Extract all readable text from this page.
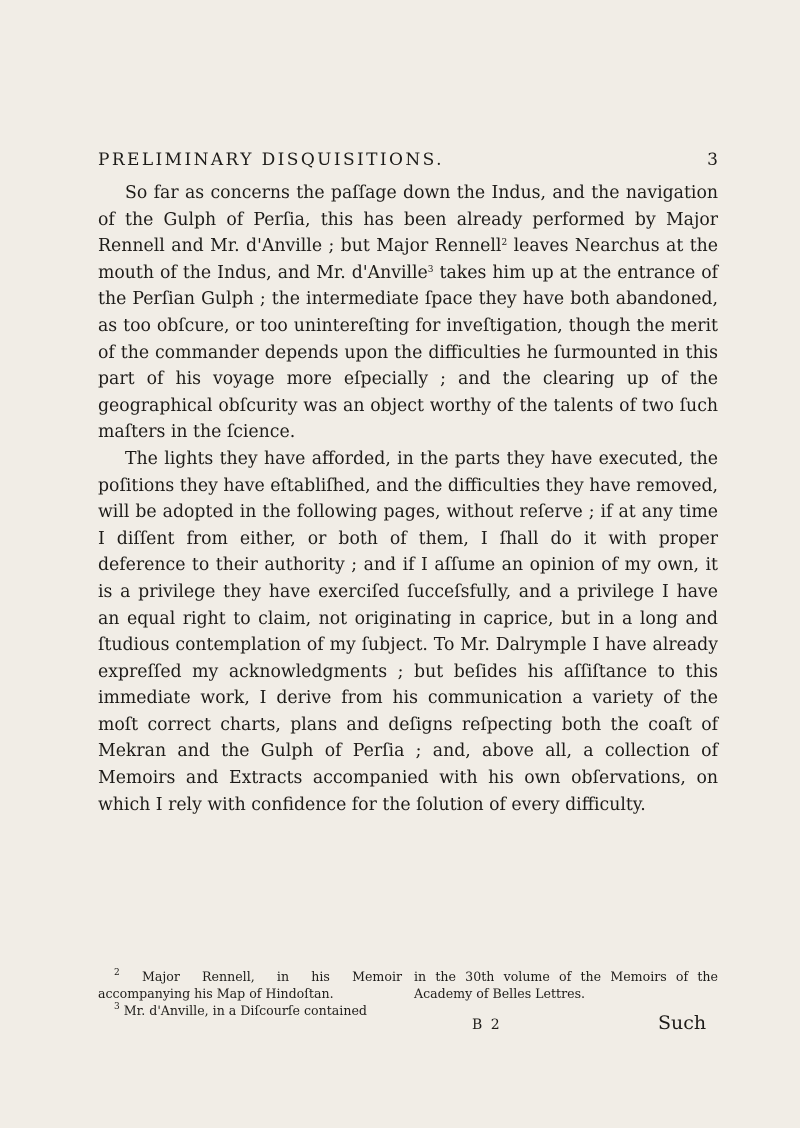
PRELIMINARY DISQUISITIONS.	3

So far as concerns the paſſage down the Indus, and the navigation of the Gulph of Perſia, this has been already performed by Major Rennell and Mr. d'Anville ; but Major Rennell$^2$ leaves Nearchus at the mouth of the Indus, and Mr. d'Anville$^3$ takes him up at the entrance of the Perſian Gulph ; the intermediate ſpace they have both abandoned, as too obſcure, or too unintereſting for inveſtigation, though the merit of the commander depends upon the difficulties he ſurmounted in this part of his voyage more eſpecially ; and the clearing up of the geographical obſcurity was an object worthy of the talents of two ſuch maſters in the ſcience.

The lights they have afforded, in the parts they have executed, the poſitions they have eſtabliſhed, and the difficulties they have removed, will be adopted in the following pages, without reſerve ; if at any time I diſſent from either, or both of them, I ſhall do it with proper deference to their authority ; and if I aſſume an opinion of my own, it is a privilege they have exerciſed ſucceſsfully, and a privilege I have an equal right to claim, not originating in caprice, but in a long and ſtudious contemplation of my ſubject. To Mr. Dalrymple I have already expreſſed my acknowledgments ; but beſides his aſſiſtance to this immediate work, I derive from his communication a variety of the moſt correct charts, plans and deſigns reſpecting both the coaſt of Mekran and the Gulph of Perſia ; and, above all, a collection of Memoirs and Extracts accompanied with his own obſervations, on which I rely with confidence for the ſolution of every difficulty.

$^2$ Major Rennell, in his Memoir accompanying his Map of Hindoſtan.

$^3$ Mr. d'Anville, in a Diſcourſe contained

in the 30th volume of the Memoirs of the Academy of Belles Lettres.

B 2	Such
